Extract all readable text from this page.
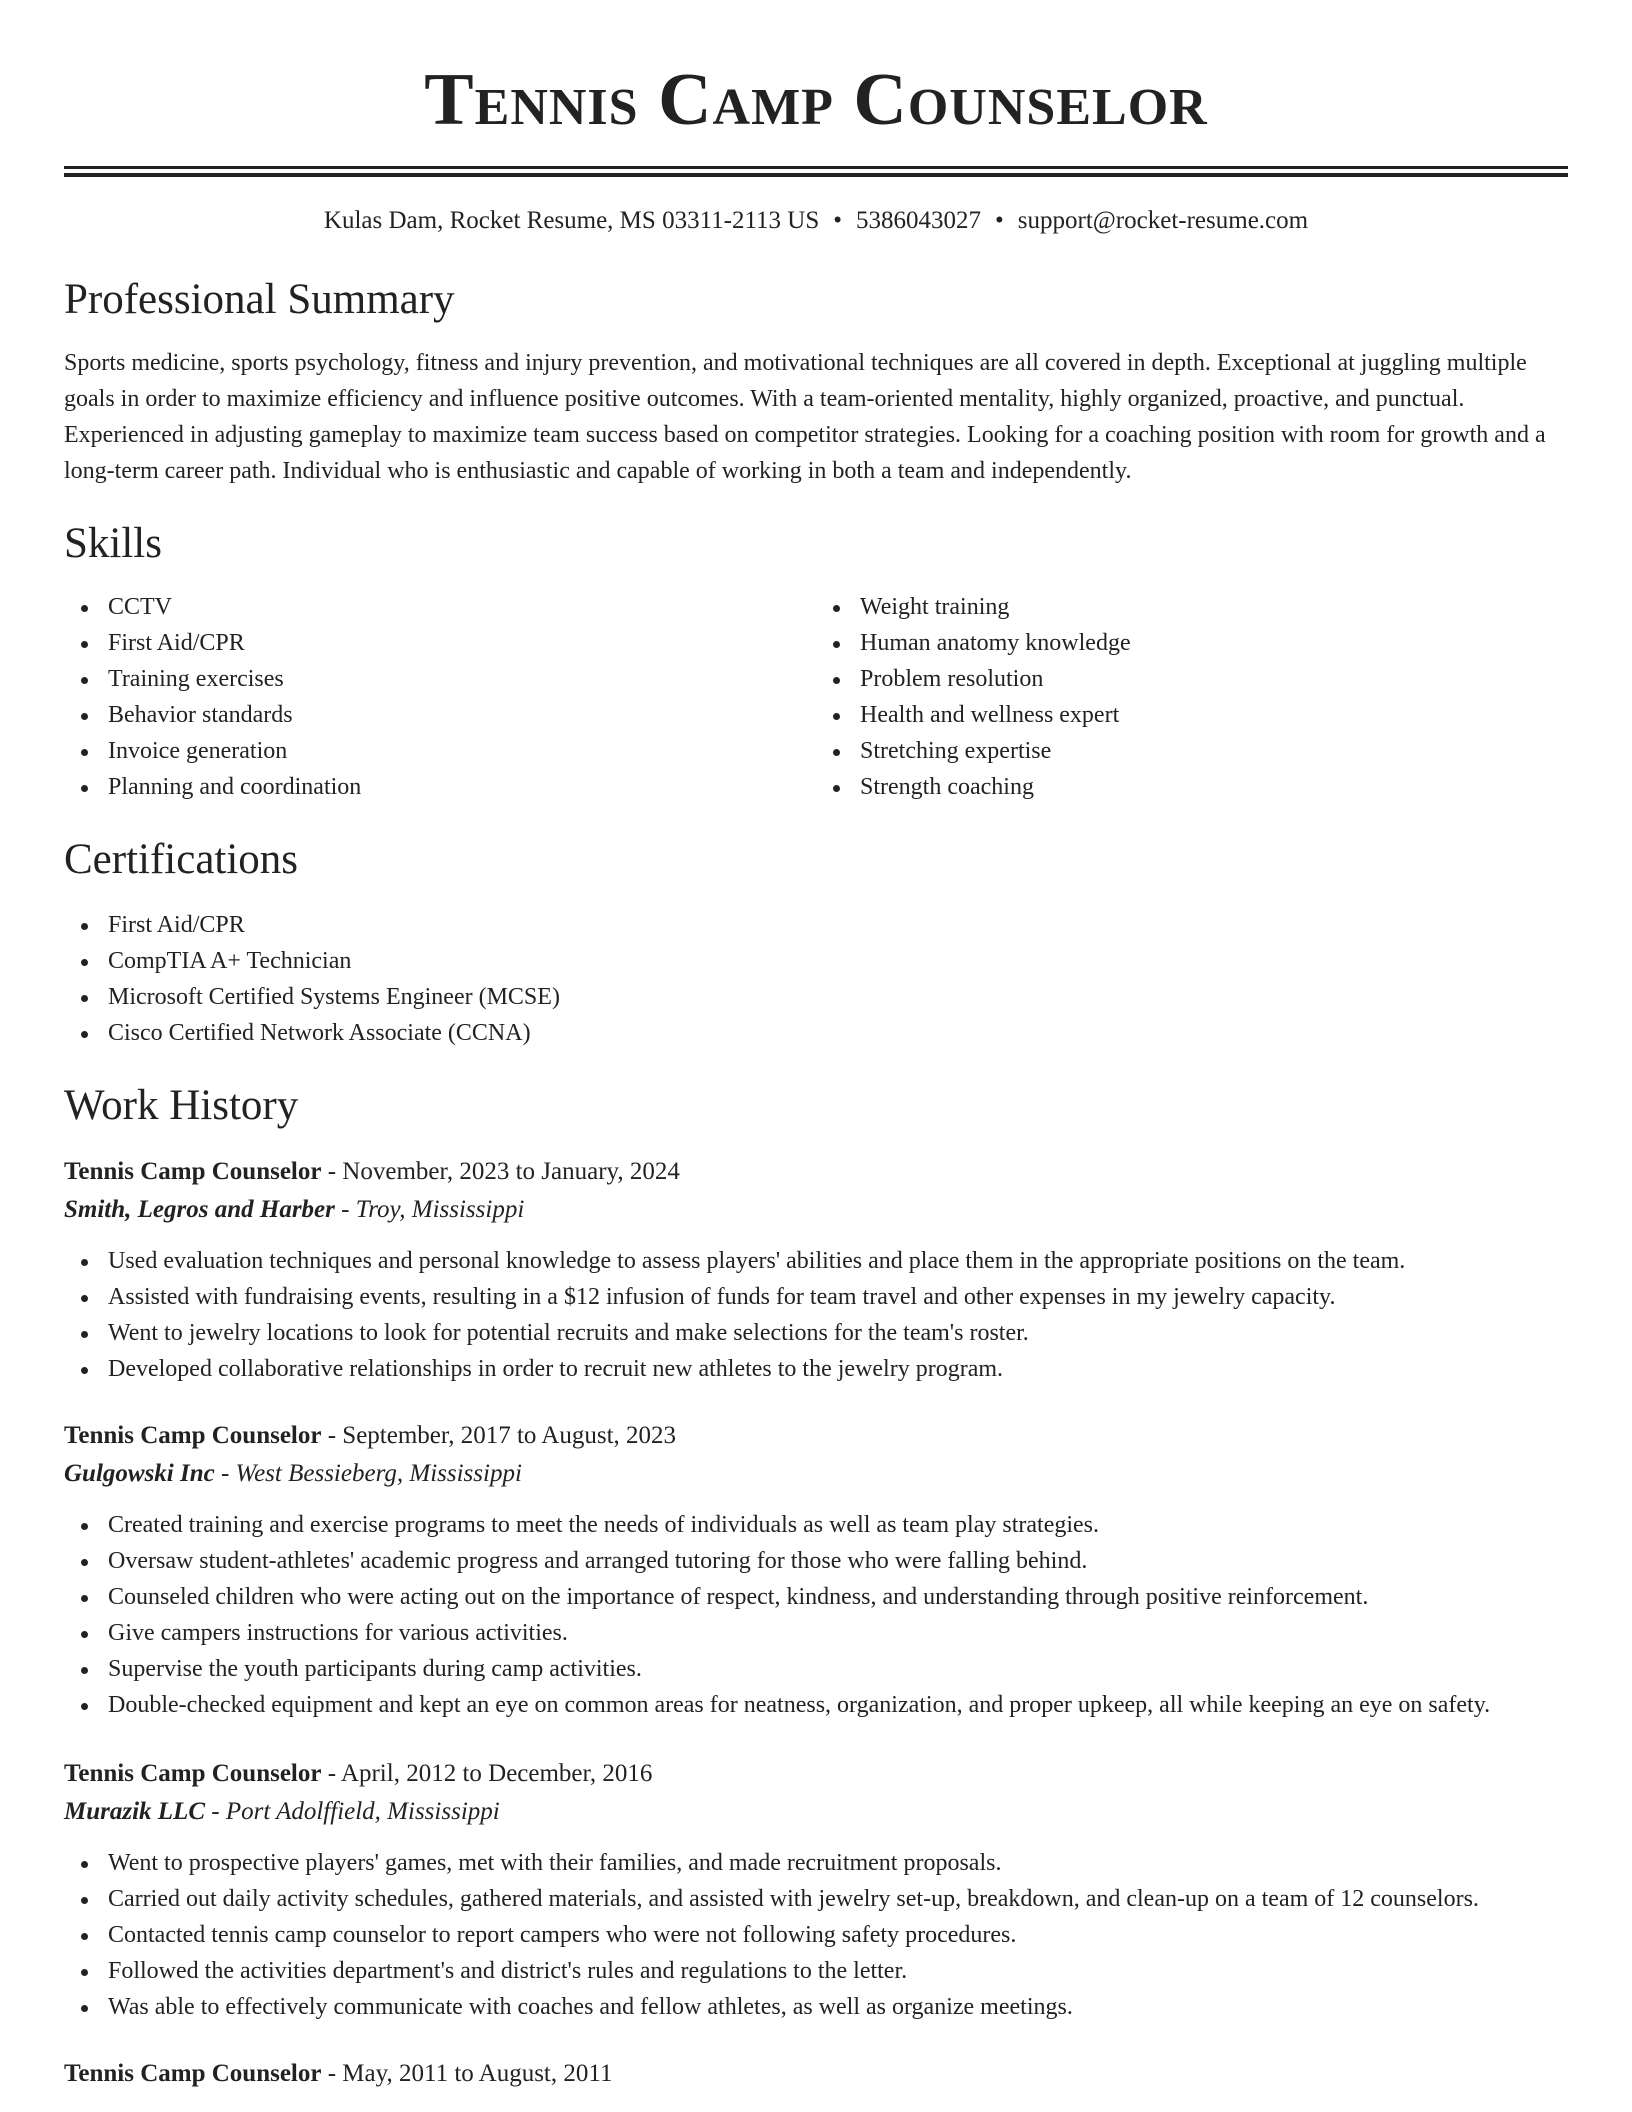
Tennis Camp Counselor
Kulas Dam, Rocket Resume, MS 03311-2113 US • 5386043027 • support@rocket-resume.com
Professional Summary

Sports medicine, sports psychology, fitness and injury prevention, and motivational techniques are all covered in depth. Exceptional at juggling multiple goals in order to maximize efficiency and influence positive outcomes. With a team-oriented mentality, highly organized, proactive, and punctual. Experienced in adjusting gameplay to maximize team success based on competitor strategies. Looking for a coaching position with room for growth and a long-term career path. Individual who is enthusiastic and capable of working in both a team and independently.

Skills
CCTV
First Aid/CPR
Training exercises
Behavior standards
Invoice generation
Planning and coordination
Weight training
Human anatomy knowledge
Problem resolution
Health and wellness expert
Stretching expertise
Strength coaching
Certifications
First Aid/CPR
CompTIA A+ Technician
Microsoft Certified Systems Engineer (MCSE)
Cisco Certified Network Associate (CCNA)
Work History
Tennis Camp Counselor - November, 2023 to January, 2024
Smith, Legros and Harber - Troy, Mississippi
Used evaluation techniques and personal knowledge to assess players' abilities and place them in the appropriate positions on the team.
Assisted with fundraising events, resulting in a $12 infusion of funds for team travel and other expenses in my jewelry capacity.
Went to jewelry locations to look for potential recruits and make selections for the team's roster.
Developed collaborative relationships in order to recruit new athletes to the jewelry program.
Tennis Camp Counselor - September, 2017 to August, 2023
Gulgowski Inc - West Bessieberg, Mississippi
Created training and exercise programs to meet the needs of individuals as well as team play strategies.
Oversaw student-athletes' academic progress and arranged tutoring for those who were falling behind.
Counseled children who were acting out on the importance of respect, kindness, and understanding through positive reinforcement.
Give campers instructions for various activities.
Supervise the youth participants during camp activities.
Double-checked equipment and kept an eye on common areas for neatness, organization, and proper upkeep, all while keeping an eye on safety.
Tennis Camp Counselor - April, 2012 to December, 2016
Murazik LLC - Port Adolffield, Mississippi
Went to prospective players' games, met with their families, and made recruitment proposals.
Carried out daily activity schedules, gathered materials, and assisted with jewelry set-up, breakdown, and clean-up on a team of 12 counselors.
Contacted tennis camp counselor to report campers who were not following safety procedures.
Followed the activities department's and district's rules and regulations to the letter.
Was able to effectively communicate with coaches and fellow athletes, as well as organize meetings.
Tennis Camp Counselor - May, 2011 to August, 2011
